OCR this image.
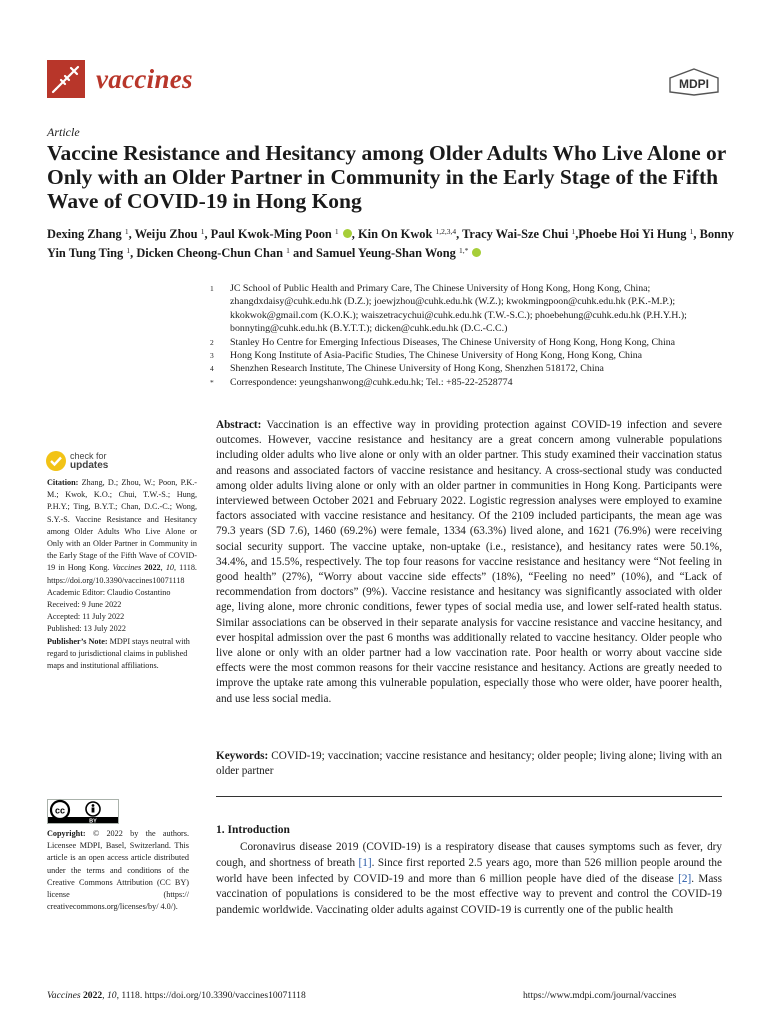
vaccines	MDPI
Article
Vaccine Resistance and Hesitancy among Older Adults Who Live Alone or Only with an Older Partner in Community in the Early Stage of the Fifth Wave of COVID-19 in Hong Kong
Dexing Zhang $^1$, Weiju Zhou $^1$, Paul Kwok-Ming Poon $^1$ , Kin On Kwok $^{1,2,3,4}$, Tracy Wai-Sze Chui $^1$,Phoebe Hoi Yi Hung $^1$, Bonny Yin Tung Ting $^1$, Dicken Cheong-Chun Chan $^1$ and Samuel Yeung-Shan Wong $^{1,*}$
1	JC School of Public Health and Primary Care, The Chinese University of Hong Kong, Hong Kong, China; zhangdxdaisy@cuhk.edu.hk (D.Z.); joewjzhou@cuhk.edu.hk (W.Z.); kwokmingpoon@cuhk.edu.hk (P.K.-M.P.); kkokwok@gmail.com (K.O.K.); waiszetracychui@cuhk.edu.hk (T.W.-S.C.); phoebehung@cuhk.edu.hk (P.H.Y.H.); bonnyting@cuhk.edu.hk (B.Y.T.T.); dicken@cuhk.edu.hk (D.C.-C.C.)
2	Stanley Ho Centre for Emerging Infectious Diseases, The Chinese University of Hong Kong, Hong Kong, China
3	Hong Kong Institute of Asia-Pacific Studies, The Chinese University of Hong Kong, Hong Kong, China
4	Shenzhen Research Institute, The Chinese University of Hong Kong, Shenzhen 518172, China
*	Correspondence: yeungshanwong@cuhk.edu.hk; Tel.: +85-22-2528774
check for
updates

Citation: Zhang, D.; Zhou, W.; Poon, P.K.-M.; Kwok, K.O.; Chui, T.W.-S.; Hung, P.H.Y.; Ting, B.Y.T.; Chan, D.C.-C.; Wong, S.Y.-S. Vaccine Resistance and Hesitancy among Older Adults Who Live Alone or Only with an Older Partner in Community in the Early Stage of the Fifth Wave of COVID-19 in Hong Kong. Vaccines 2022, 10, 1118. https://doi.org/10.3390/vaccines10071118

Academic Editor: Claudio Costantino

Received: 9 June 2022

Accepted: 11 July 2022

Published: 13 July 2022

Publisher’s Note: MDPI stays neutral with regard to jurisdictional claims in published maps and institutional affiliations.

cc
BY
Copyright: © 2022 by the authors. Licensee MDPI, Basel, Switzerland. This article is an open access article distributed under the terms and conditions of the Creative Commons Attribution (CC BY) license (https:// creativecommons.org/licenses/by/ 4.0/).
Abstract: Vaccination is an effective way in providing protection against COVID-19 infection and severe outcomes. However, vaccine resistance and hesitancy are a great concern among vulnerable populations including older adults who live alone or only with an older partner. This study examined their vaccination status and reasons and associated factors of vaccine resistance and hesitancy. A cross-sectional study was conducted among older adults living alone or only with an older partner in communities in Hong Kong. Participants were interviewed between October 2021 and February 2022. Logistic regression analyses were employed to examine factors associated with vaccine resistance and hesitancy. Of the 2109 included participants, the mean age was 79.3 years (SD 7.6), 1460 (69.2%) were female, 1334 (63.3%) lived alone, and 1621 (76.9%) were receiving social security support. The vaccine uptake, non-uptake (i.e., resistance), and hesitancy rates were 50.1%, 34.4%, and 15.5%, respectively. The top four reasons for vaccine resistance and hesitancy were “Not feeling in good health” (27%), “Worry about vaccine side effects” (18%), “Feeling no need” (10%), and “Lack of recommendation from doctors” (9%). Vaccine resistance and hesitancy was significantly associated with older age, living alone, more chronic conditions, fewer types of social media use, and lower self-rated health status. Similar associations can be observed in their separate analysis for vaccine resistance and vaccine hesitancy, and ever hospital admission over the past 6 months was additionally related to vaccine hesitancy. Older people who live alone or only with an older partner had a low vaccination rate. Poor health or worry about vaccine side effects were the most common reasons for their vaccine resistance and hesitancy. Actions are greatly needed to improve the uptake rate among this vulnerable population, especially those who were older, have poorer health, and use less social media.
Keywords: COVID-19; vaccination; vaccine resistance and hesitancy; older people; living alone; living with an older partner
1. Introduction
Coronavirus disease 2019 (COVID-19) is a respiratory disease that causes symptoms such as fever, dry cough, and shortness of breath [1]. Since first reported 2.5 years ago, more than 526 million people around the world have been infected by COVID-19 and more than 6 million people have died of the disease [2]. Mass vaccination of populations is considered to be the most effective way to prevent and control the COVID-19 pandemic worldwide. Vaccinating older adults against COVID-19 is currently one of the public health
Vaccines 2022, 10, 1118. https://doi.org/10.3390/vaccines10071118	https://www.mdpi.com/journal/vaccines
